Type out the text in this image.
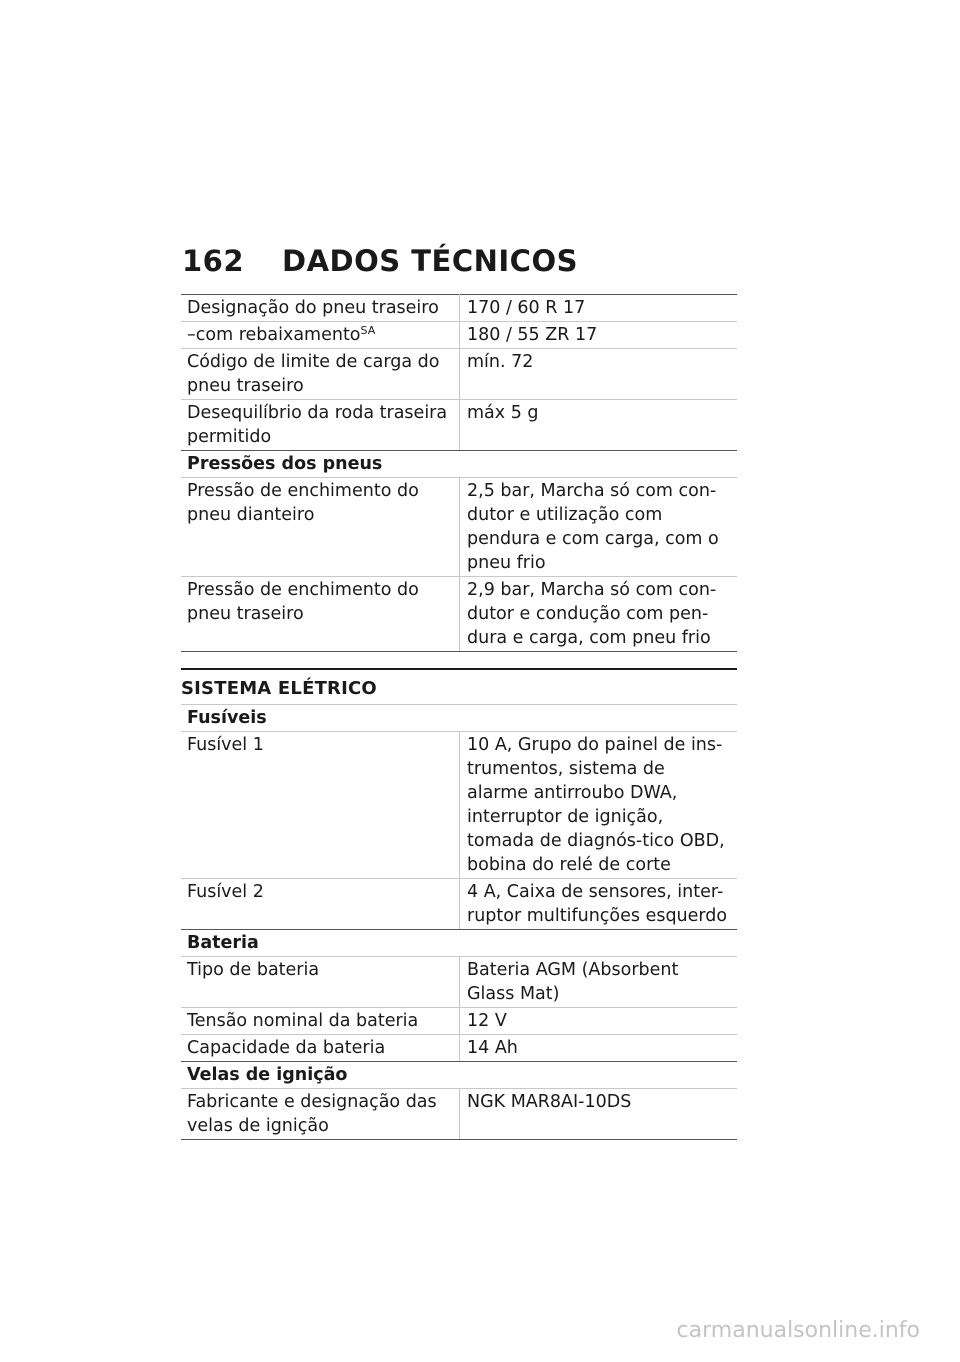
162 DADOS TÉCNICOS
Designação do pneu traseiro	170 / 60 R 17
–com rebaixamento$^{SA}$	180 / 55 ZR 17
Código de limite de carga do pneu traseiro	mín. 72
Desequilíbrio da roda traseira permitido	máx 5 g
Pressões dos pneus	
Pressão de enchimento do pneu dianteiro	2,5 bar, Marcha só com con-dutor e utilização com pendura e com carga, com o pneu frio
Pressão de enchimento do pneu traseiro	2,9 bar, Marcha só com con-dutor e condução com pen-dura e carga, com pneu frio
SISTEMA ELÉTRICO
Fusíveis	
Fusível 1	10 A, Grupo do painel de ins-trumentos, sistema de alarme antirroubo DWA, interruptor de ignição, tomada de diagnós-tico OBD, bobina do relé de corte
Fusível 2	4 A, Caixa de sensores, inter-ruptor multifunções esquerdo
Bateria	
Tipo de bateria	Bateria AGM (Absorbent Glass Mat)
Tensão nominal da bateria	12 V
Capacidade da bateria	14 Ah
Velas de ignição	
Fabricante e designação das velas de ignição	NGK MAR8AI-10DS
carmanualsonline.info
